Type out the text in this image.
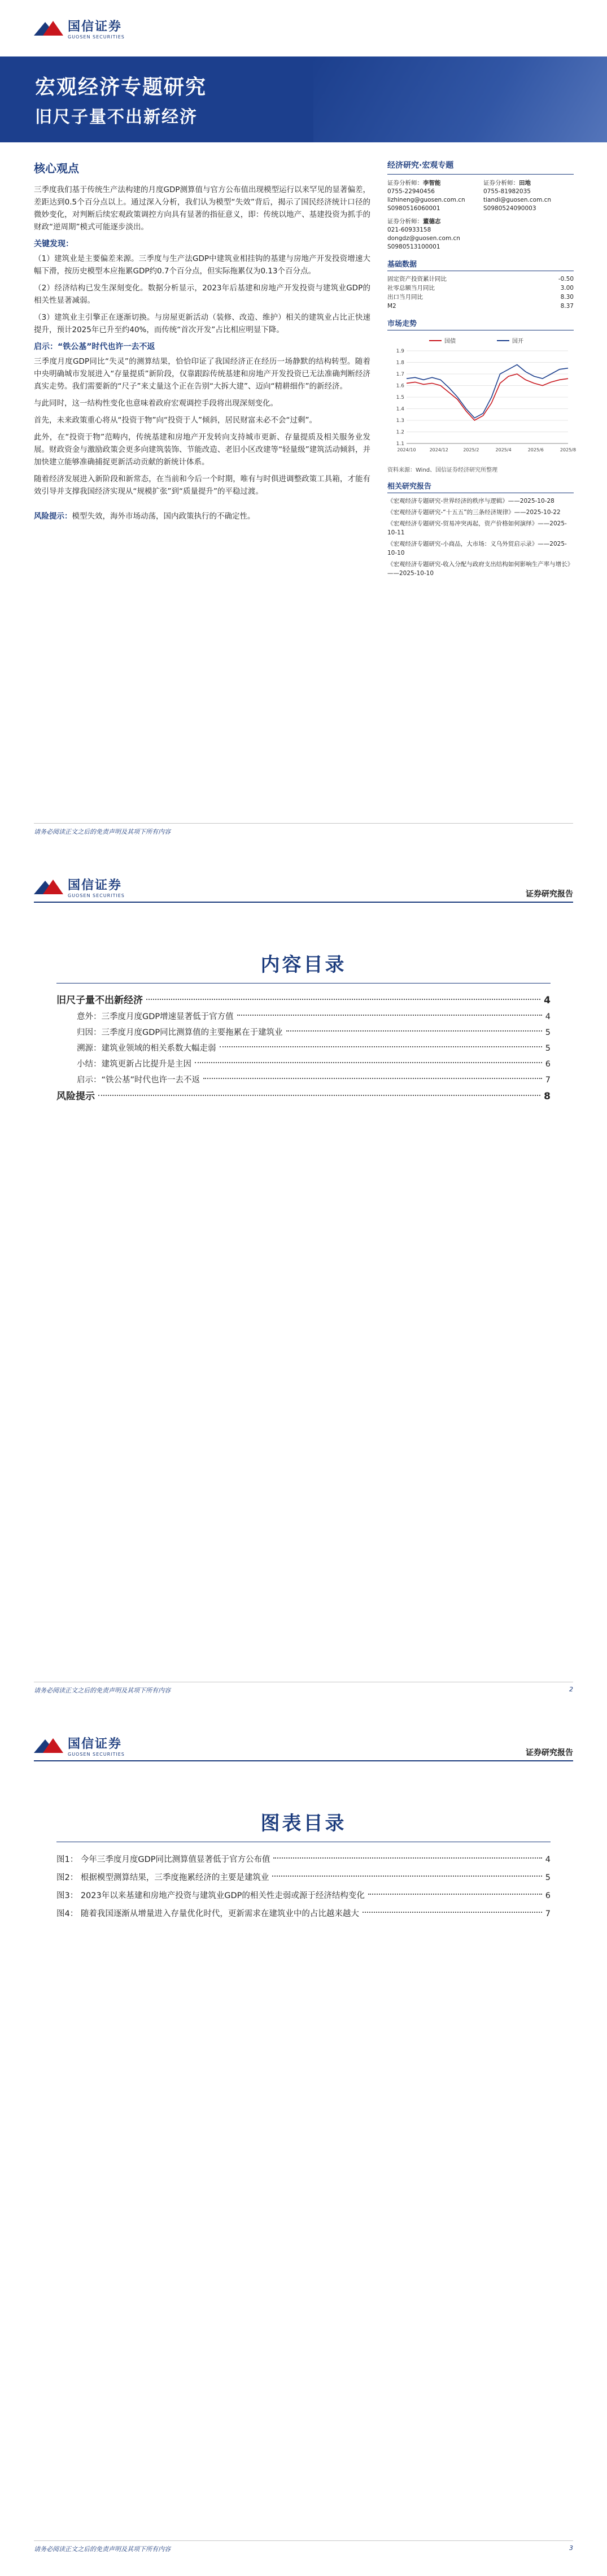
国信证券
GUOSEN SECURITIES
宏观经济专题研究
旧尺子量不出新经济
核心观点

三季度我们基于传统生产法构建的月度GDP测算值与官方公布值出现模型运行以来罕见的显著偏差，差距达到0.5个百分点以上。通过深入分析，我们认为模型“失效”背后，揭示了国民经济统计口径的微妙变化，对判断后续宏观政策调控方向具有显著的指征意义，即：传统以地产、基建投资为抓手的财政“逆周期”模式可能逐步淡出。

关键发现：

（1）建筑业是主要偏差来源。三季度与生产法GDP中建筑业相挂钩的基建与房地产开发投资增速大幅下滑，按历史模型本应拖累GDP约0.7个百分点，但实际拖累仅为0.13个百分点。

（2）经济结构已发生深刻变化。数据分析显示，2023年后基建和房地产开发投资与建筑业GDP的相关性显著减弱。

（3）建筑业主引擎正在逐渐切换。与房屋更新活动（装修、改造、维护）相关的建筑业占比正快速提升，预计2025年已升至约40%，而传统“首次开发”占比相应明显下降。

启示：“铁公基”时代也许一去不返

三季度月度GDP同比“失灵”的测算结果，恰恰印证了我国经济正在经历一场静默的结构转型。随着中央明确城市发展进入“存量提质”新阶段，仅靠跟踪传统基建和房地产开发投资已无法准确判断经济真实走势。我们需要新的“尺子”来丈量这个正在告别“大拆大建”、迈向“精耕细作”的新经济。

与此同时，这一结构性变化也意味着政府宏观调控手段将出现深刻变化。

首先，未来政策重心将从“投资于物”向“投资于人”倾斜，居民财富未必不会“过剩”。

此外，在“投资于物”范畴内，传统基建和房地产开发转向支持城市更新、存量提质及相关服务业发展。财政资金与激励政策会更多向建筑装饰、节能改造、老旧小区改建等“轻量级”建筑活动倾斜，并加快建立能够准确捕捉更新活动贡献的新统计体系。

随着经济发展进入新阶段和新常态，在当前和今后一个时期，唯有与时俱进调整政策工具箱，才能有效引导并支撑我国经济实现从“规模扩张”到“质量提升”的平稳过渡。

风险提示：模型失效，海外市场动荡，国内政策执行的不确定性。
经济研究·宏观专题
证券分析师：李智能
0755-22940456
lizhineng@guosen.com.cn
S0980516060001
证券分析师：田地
0755-81982035
tiandi@guosen.com.cn
S0980524090003
证券分析师：董德志
021-60933158
dongdz@guosen.com.cn
S0980513100001
基础数据
固定资产投资累计同比	-0.50
社零总额当月同比	3.00
出口当月同比	8.30
M2	8.37
市场走势
1.9
1.8
1.7
1.6
1.5
1.4
1.3
1.2
1.1
2024/10	2024/12	2025/2	2025/4	2025/6	2025/8
国债	国开
资料来源：Wind、国信证券经济研究所整理
相关研究报告
《宏观经济专题研究-世界经济的秩序与逻辑》——2025-10-28
《宏观经济专题研究-“十五五”的三条经济规律》——2025-10-22
《宏观经济专题研究-贸易冲突再起，资产价格如何演绎》——2025-10-11
《宏观经济专题研究-小商品，大市场：义乌外贸启示录》——2025-10-10
《宏观经济专题研究-收入分配与政府支出结构如何影响生产率与增长》——2025-10-10
请务必阅读正文之后的免责声明及其项下所有内容
国信证券
GUOSEN SECURITIES	证券研究报告
内容目录
旧尺子量不出新经济	4
意外：三季度月度GDP增速显著低于官方值	4
归因：三季度月度GDP同比测算值的主要拖累在于建筑业	5
溯源：建筑业领域的相关系数大幅走弱	5
小结：建筑更新占比提升是主因	6
启示：“铁公基”时代也许一去不返	7
风险提示	8
请务必阅读正文之后的免责声明及其项下所有内容	2
国信证券
GUOSEN SECURITIES	证券研究报告
图表目录
图1： 今年三季度月度GDP同比测算值显著低于官方公布值	4
图2： 根据模型测算结果，三季度拖累经济的主要是建筑业	5
图3： 2023年以来基建和房地产投资与建筑业GDP的相关性走弱或源于经济结构变化	6
图4： 随着我国逐渐从增量进入存量优化时代，更新需求在建筑业中的占比越来越大	7
请务必阅读正文之后的免责声明及其项下所有内容	3
